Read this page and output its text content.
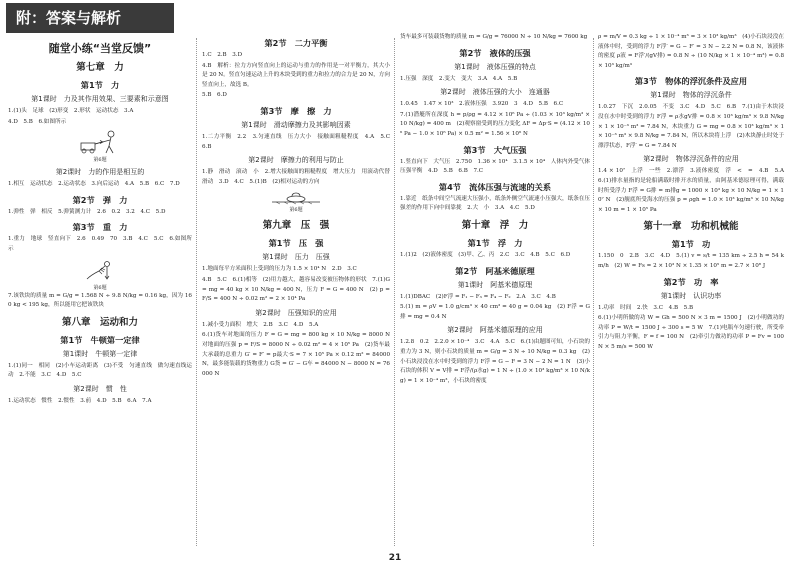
附：答案与解析
随堂小练“当堂反馈”
第七章　力
第1节　力
第1课时　力及其作用效果、三要素和示意图

1.(1)头　足球　(2)形变　2.形状　运动状态　3.A

4.D　5.B　6.如图所示

第6题
第2课时　力的作用是相互的

1.相互　运动状态　2.运动状态　3.向后运动　4.A　5.B　6.C　7.D

第2节　弹　力

1.弹性　弹　相反　5.弹簧测力计　2.6　0.2　3.2　4.C　5.D

第3节　重　力

1.重力　地球　竖直向下　2.6　0.49　70　3.B　4.C　5.C　6.如图所示

第6题

7.该铁块的质量 m = G/g = 1.568 N ÷ 9.8 N/kg = 0.16 kg，因为 160 kg < 195 kg，所以能用它把该铁块

第八章　运动和力
第1节　牛顿第一定律
第1课时　牛顿第一定律

1.(1)同一　相同　(2)小车运动距离　(3)不受　匀速直线　做匀速直线运动　2.不能　3.C　4.D　5.C

第2课时　惯　性

1.运动状态　惯性　2.惯性　3.前　4.D　5.B　6.A　7.A

第2节　二力平衡

1.C　2.B　3.D

4.B　解析：拉力方向竖直向上的运动与重力的作用是一对平衡力，其大小是 20 N。竖直匀速运动上升的木块受到的重力和拉力的合力是 20 N，方向竖直向上，故选 B。

5.B　6.D

第3节　摩　擦　力
第1课时　滑动摩擦力及其影响因素

1.二力平衡　2.2　3.匀速直线　压力大小　接触面粗糙程度　4.A　5.C　6.B

第2课时　摩擦力的利用与防止

1.静　滑动　滚动　小　2.增大接触面的粗糙程度　增大压力　用滚动代替滑动　3.D　4.C　5.(1)B　(2)相对运动的方向

第6题
第九章　压　强
第1节　压　强
第1课时　压力　压强

1.地面每平方米面积上受到的压力为 1.5 × 10⁴ N　2.D　3.C

4.B　5.C　6.(1)相等　(2)用力越大，越容易改变被压物体的形状　7.(1)G = mg = 40 kg × 10 N/kg = 400 N，压力 F = G = 400 N　(2) p = F/S = 400 N ÷ 0.02 m² = 2 × 10⁴ Pa

第2课时　压强知识的应用

1.减小受力面积　增大　2.B　3.C　4.D　5.A

6.(1)货车对地面的压力 F = G = mg = 800 kg × 10 N/kg = 8000 N　对地面的压强 p = F/S = 8000 N ÷ 0.02 m² = 4 × 10⁵ Pa　(2)货车最大承载的总重力 G′ = F′ = p最大·S = 7 × 10⁵ Pa × 0.12 m² = 84000 N，最多能装载的货物重力 G货 = G′ − G车 = 84000 N − 8000 N = 76000 N

货车最多可装载货物的质量 m = G/g = 76000 N ÷ 10 N/kg = 7600 kg

第2节　液体的压强
第1课时　液体压强的特点

1.压强　深度　2.变大　变大　3.A　4.A　5.B

第2课时　液体压强的大小　连通器

1.0.45　1.47 × 10³　2.液体压强　3.920　3　4.D　5.B　6.C

7.(1)潜艇所在深度 h = p/ρg = 4.12 × 10⁶ Pa ÷ (1.03 × 10³ kg/m³ × 10 N/kg) = 400 m　(2)观察窗受到的压力变化 ΔF = Δp·S = (4.12 × 10⁶ Pa − 1.0 × 10⁶ Pa) × 0.5 m² = 1.56 × 10⁶ N

第3节　大气压强

1.竖直向下　大气压　2.750　1.36 × 10⁴　3.1.5 × 10⁴　人体内外受气体压强平衡　4.D　5.B　6.B　7.C

第4节　流体压强与流速的关系

1.靠近　纸条中间空气流速大压强小，纸条外侧空气流速小压强大，纸条在压强差的作用下向中间靠拢　2.大　小　3.A　4.C　5.D

第十章　浮　力
第1节　浮　力

1.(1)2　(2)液体密度　(3)甲、乙、丙　2.C　3.C　4.B　5.C　6.D

第2节　阿基米德原理
第1课时　阿基米德原理

1.(1)DBAC　(2)F浮 = F₁ − F₃ = F₄ − F₂　2.A　3.C　4.B

5.(1) m = ρV = 1.0 g/cm³ × 40 cm³ = 40 g = 0.04 kg　(2) F浮 = G排 = mg = 0.4 N

第2课时　阿基米德原理的应用

1.2.8　0.2　2.2.0 × 10⁻⁴　3.C　4.A　5.C　6.(1)由题图可知，小石块的重力为 3 N，则小石块的质量 m = G/g = 3 N ÷ 10 N/kg = 0.3 kg　(2)小石块浸没在水中时受到的浮力 F浮 = G − F = 3 N − 2 N = 1 N　(3)小石块的体积 V = V排 = F浮/(ρ水g) = 1 N ÷ (1.0 × 10³ kg/m³ × 10 N/kg) = 1 × 10⁻⁴ m³，小石块的密度

ρ = m/V = 0.3 kg ÷ 1 × 10⁻⁴ m³ = 3 × 10³ kg/m³　(4)小石块浸没在液体中时，受到的浮力 F浮′ = G − F′ = 3 N − 2.2 N = 0.8 N，该液体的密度 ρ液 = F浮′/(gV排) = 0.8 N ÷ (10 N/kg × 1 × 10⁻⁴ m³) = 0.8 × 10³ kg/m³

第3节　物体的浮沉条件及应用
第1课时　物体的浮沉条件

1.0.27　下沉　2.0.05　不变　3.C　4.D　5.C　6.B　7.(1)由于木块浸没在水中时受到的浮力 F浮 = ρ水gV排 = 0.8 × 10³ kg/m³ × 9.8 N/kg × 1 × 10⁻³ m³ = 7.84 N，木块重力 G = mg = 0.8 × 10³ kg/m³ × 1 × 10⁻³ m³ × 9.8 N/kg = 7.84 N，所以木块将上浮　(2)木块静止时处于漂浮状态，F浮′ = G = 7.84 N

第2课时　物体浮沉条件的应用

1.4 × 10⁷　上浮　一些　2.漂浮　3.液体密度　浮　<　=　4.B　5.A　6.(1)排水量指的是轮船满载时排开水的质量，由阿基米德原理可得，满载时所受浮力 F浮 = G排 = m排g = 1000 × 10³ kg × 10 N/kg = 1 × 10⁷ N　(2)舰底所受海水的压强 p = ρgh = 1.0 × 10³ kg/m³ × 10 N/kg × 10 m = 1 × 10⁵ Pa

第十一章　功和机械能
第1节　功

1.150　0　2.B　3.C　4.D　5.(1) v = s/t = 135 km ÷ 2.5 h = 54 km/h　(2) W = Fs = 2 × 10³ N × 1.35 × 10⁵ m = 2.7 × 10⁸ J

第2节　功　率
第1课时　认识功率

1.功率　时间　2.快　3.C　4.B　5.B

6.(1)小明所做的功 W = Gh = 500 N × 3 m = 1500 J　(2)小明做功的功率 P = W/t = 1500 J ÷ 300 s = 5 W　7.(1)电瓶车匀速行驶，所受牵引力与阻力平衡，F = f = 100 N　(2)牵引力做功的功率 P = Fv = 100 N × 5 m/s = 500 W

21
